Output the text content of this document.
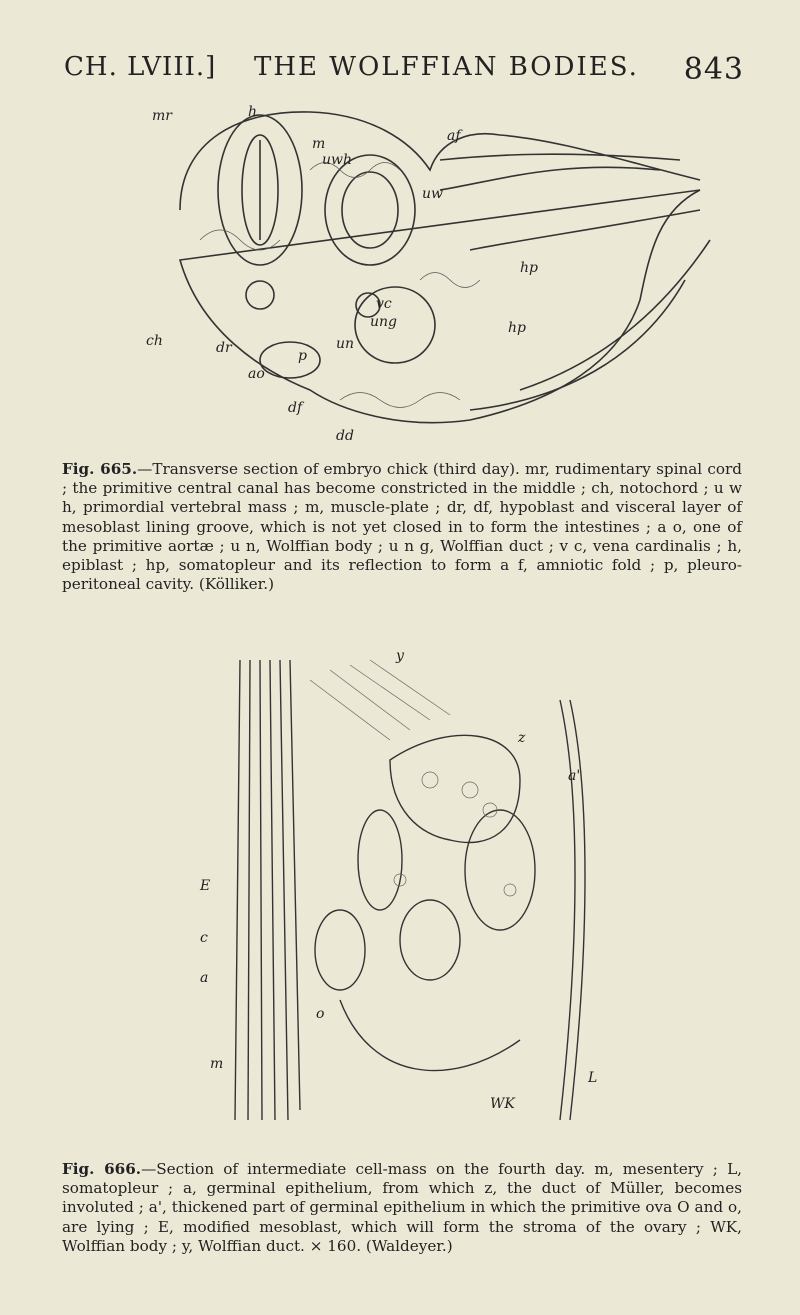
CH. LVIII.] THE WOLFFIAN BODIES. 843
mr	h
m
uwh
af
uw
hp
vc
ung	hp
ch	dr	p
un
ao
df
dd
Fig. 665.—Transverse section of embryo chick (third day). mr, rudimentary spinal cord ; the primitive central canal has become constricted in the middle ; ch, notochord ; u w h, primordial vertebral mass ; m, muscle-plate ; dr, df, hypoblast and visceral layer of mesoblast lining groove, which is not yet closed in to form the intestines ; a o, one of the primitive aortæ ; u n, Wolffian body ; u n g, Wolffian duct ; v c, vena cardinalis ; h, epiblast ; hp, somatopleur and its reflection to form a f, amniotic fold ; p, pleuro-peritoneal cavity. (Kölliker.)
y
z
a'
E
c
a
m
o
WK
L
Fig. 666.—Section of intermediate cell-mass on the fourth day. m, mesentery ; L, somatopleur ; a, germinal epithelium, from which z, the duct of Müller, becomes involuted ; a', thickened part of germinal epithelium in which the primitive ova O and o, are lying ; E, modified mesoblast, which will form the stroma of the ovary ; WK, Wolffian body ; y, Wolffian duct. × 160. (Waldeyer.)
